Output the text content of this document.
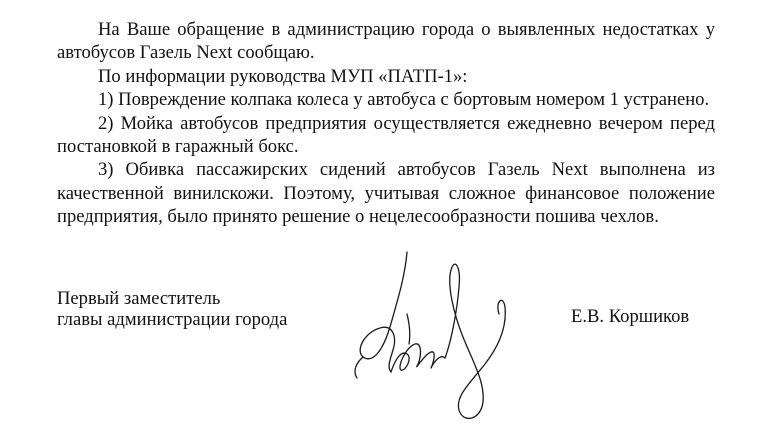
На Ваше обращение в администрацию города о выявленных недостатках у автобусов Газель Next сообщаю.

По информации руководства МУП «ПАТП-1»:

1) Повреждение колпака колеса у автобуса с бортовым номером 1 устранено.

2) Мойка автобусов предприятия осуществляется ежедневно вечером перед постановкой в гаражный бокс.

3) Обивка пассажирских сидений автобусов Газель Next выполнена из качественной винилскожи. Поэтому, учитывая сложное финансовое положение предприятия, было принято решение о нецелесообразности пошива чехлов.

Первый заместитель
главы администрации города	Е.В. Коршиков
